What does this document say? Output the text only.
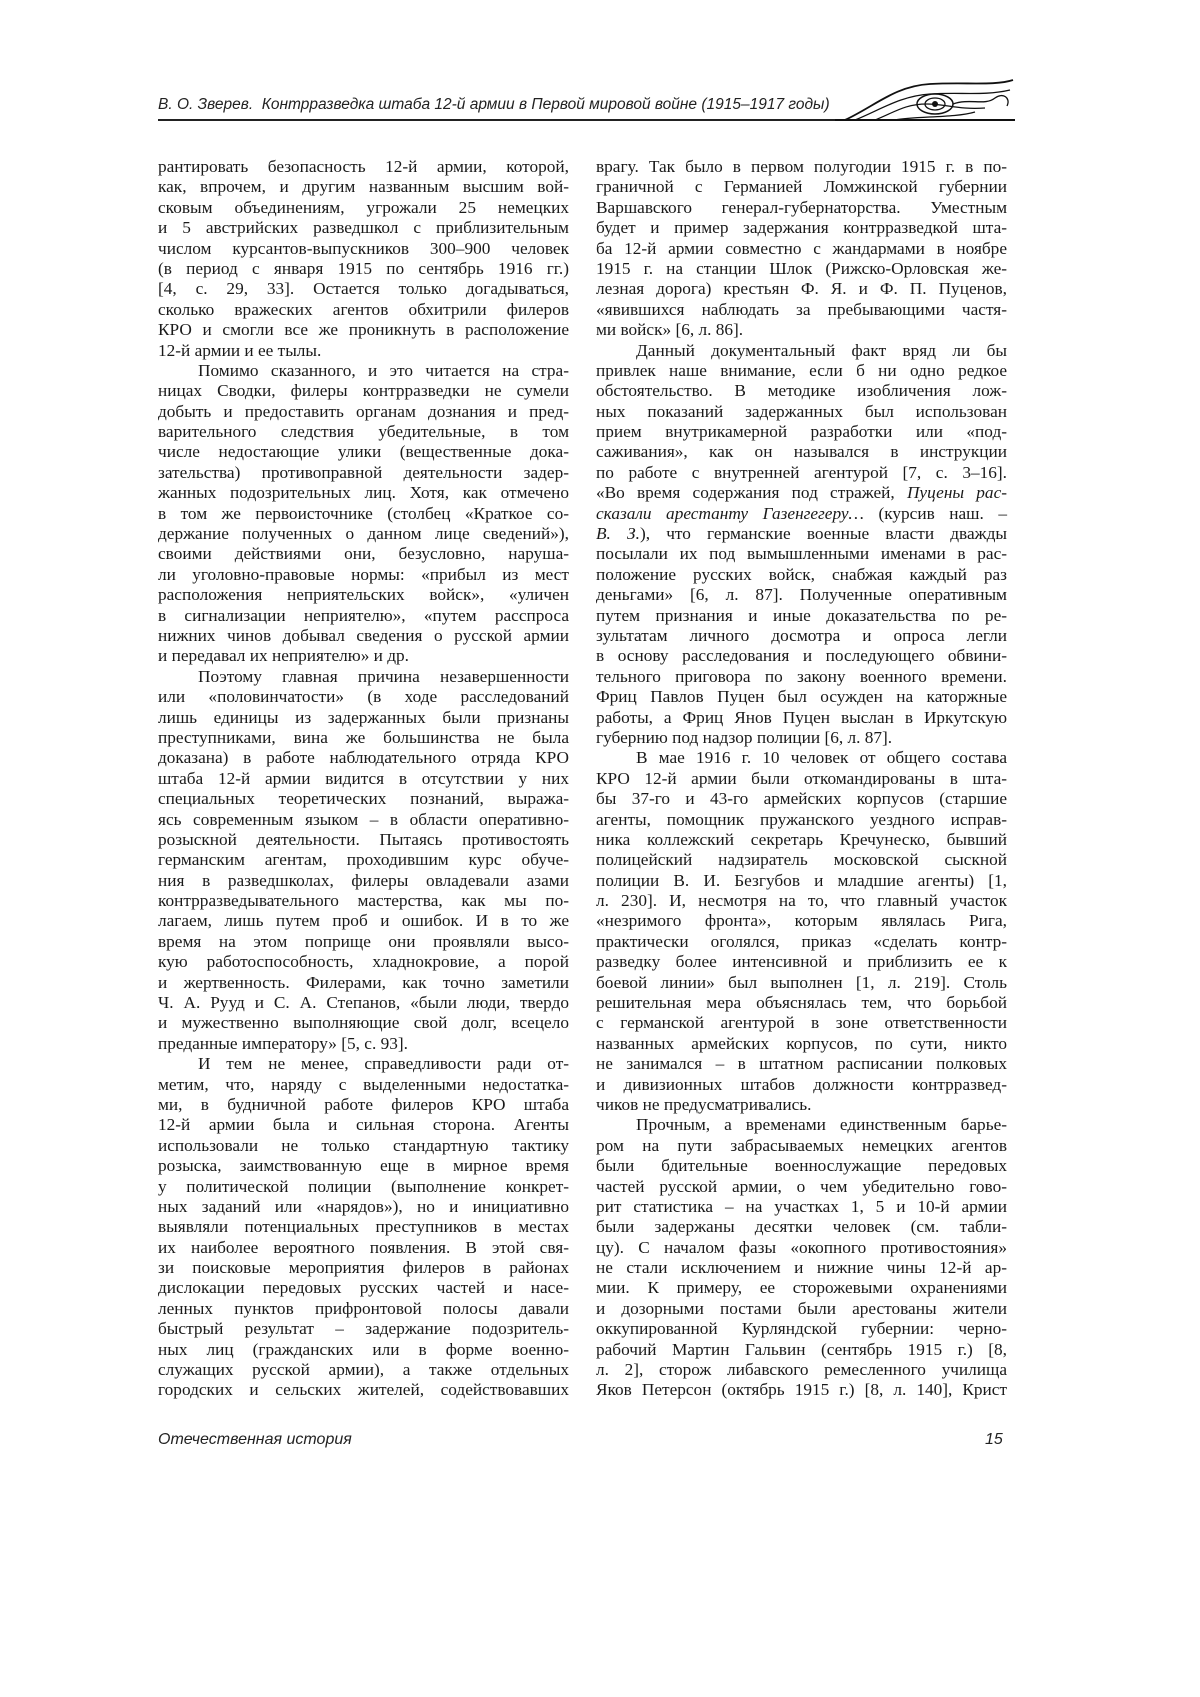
В. О. Зверев.  Контрразведка штаба 12-й армии в Первой мировой войне (1915–1917 годы)
рантировать безопасность 12-й армии, которой,
как, впрочем, и другим названным высшим вой-
сковым объединениям, угрожали 25 немецких
и 5 австрийских разведшкол с приблизительным
числом курсантов-выпускников 300–900 человек
(в период с января 1915 по сентябрь 1916 гг.)
[4, с. 29, 33]. Остается только догадываться,
сколько вражеских агентов обхитрили филеров
КРО и смогли все же проникнуть в расположение
12-й армии и ее тылы.
Помимо сказанного, и это читается на стра-
ницах Сводки, филеры контрразведки не сумели
добыть и предоставить органам дознания и пред-
варительного следствия убедительные, в том
числе недостающие улики (вещественные дока-
зательства) противоправной деятельности задер-
жанных подозрительных лиц. Хотя, как отмечено
в том же первоисточнике (столбец «Краткое со-
держание полученных о данном лице сведений»),
своими действиями они, безусловно, наруша-
ли уголовно-правовые нормы: «прибыл из мест
расположения неприятельских войск», «уличен
в сигнализации неприятелю», «путем расспроса
нижних чинов добывал сведения о русской армии
и передавал их неприятелю» и др.
Поэтому главная причина незавершенности
или «половинчатости» (в ходе расследований
лишь единицы из задержанных были признаны
преступниками, вина же большинства не была
доказана) в работе наблюдательного отряда КРО
штаба 12-й армии видится в отсутствии у них
специальных теоретических познаний, выража-
ясь современным языком – в области оперативно-
розыскной деятельности. Пытаясь противостоять
германским агентам, проходившим курс обуче-
ния в разведшколах, филеры овладевали азами
контрразведывательного мастерства, как мы по-
лагаем, лишь путем проб и ошибок. И в то же
время на этом поприще они проявляли высо-
кую работоспособность, хладнокровие, а порой
и жертвенность. Филерами, как точно заметили
Ч. А. Рууд и С. А. Степанов, «были люди, твердо
и мужественно выполняющие свой долг, всецело
преданные императору» [5, с. 93].
И тем не менее, справедливости ради от-
метим, что, наряду с выделенными недостатка-
ми, в будничной работе филеров КРО штаба
12-й армии была и сильная сторона. Агенты
использовали не только стандартную тактику
розыска, заимствованную еще в мирное время
у политической полиции (выполнение конкрет-
ных заданий или «нарядов»), но и инициативно
выявляли потенциальных преступников в местах
их наиболее вероятного появления. В этой свя-
зи поисковые мероприятия филеров в районах
дислокации передовых русских частей и насе-
ленных пунктов прифронтовой полосы давали
быстрый результат – задержание подозритель-
ных лиц (гражданских или в форме военно-
служащих русской армии), а также отдельных
городских и сельских жителей, содействовавших
врагу. Так было в первом полугодии 1915 г. в по-
граничной с Германией Ломжинской губернии
Варшавского генерал-губернаторства. Уместным
будет и пример задержания контрразведкой шта-
ба 12-й армии совместно с жандармами в ноябре
1915 г. на станции Шлок (Рижско-Орловская же-
лезная дорога) крестьян Ф. Я. и Ф. П. Пуценов,
«явившихся наблюдать за пребывающими частя-
ми войск» [6, л. 86].
Данный документальный факт вряд ли бы
привлек наше внимание, если б ни одно редкое
обстоятельство. В методике изобличения лож-
ных показаний задержанных был использован
прием внутрикамерной разработки или «под-
саживания», как он назывался в инструкции
по работе с внутренней агентурой [7, с. 3–16].
«Во время содержания под стражей, Пуцены рас-
сказали арестанту Газенгегеру… (курсив наш. –
В. З.), что германские военные власти дважды
посылали их под вымышленными именами в рас-
положение русских войск, снабжая каждый раз
деньгами» [6, л. 87]. Полученные оперативным
путем признания и иные доказательства по ре-
зультатам личного досмотра и опроса легли
в основу расследования и последующего обвини-
тельного приговора по закону военного времени.
Фриц Павлов Пуцен был осужден на каторжные
работы, а Фриц Янов Пуцен выслан в Иркутскую
губернию под надзор полиции [6, л. 87].
В мае 1916 г. 10 человек от общего состава
КРО 12-й армии были откомандированы в шта-
бы 37-го и 43-го армейских корпусов (старшие
агенты, помощник пружанского уездного исправ-
ника коллежский секретарь Кречунеско, бывший
полицейский надзиратель московской сыскной
полиции В. И. Безгубов и младшие агенты) [1,
л. 230]. И, несмотря на то, что главный участок
«незримого фронта», которым являлась Рига,
практически оголялся, приказ «сделать контр-
разведку более интенсивной и приблизить ее к
боевой линии» был выполнен [1, л. 219]. Столь
решительная мера объяснялась тем, что борьбой
с германской агентурой в зоне ответственности
названных армейских корпусов, по сути, никто
не занимался – в штатном расписании полковых
и дивизионных штабов должности контрразвед-
чиков не предусматривались.
Прочным, а временами единственным барье-
ром на пути забрасываемых немецких агентов
были бдительные военнослужащие передовых
частей русской армии, о чем убедительно гово-
рит статистика – на участках 1, 5 и 10-й армии
были задержаны десятки человек (см. табли-
цу). С началом фазы «окопного противостояния»
не стали исключением и нижние чины 12-й ар-
мии. К примеру, ее сторожевыми охранениями
и дозорными постами были арестованы жители
оккупированной Курляндской губернии: черно-
рабочий Мартин Гальвин (сентябрь 1915 г.) [8,
л. 2], сторож либавского ремесленного училища
Яков Петерсон (октябрь 1915 г.) [8, л. 140], Крист
Отечественная история	15
